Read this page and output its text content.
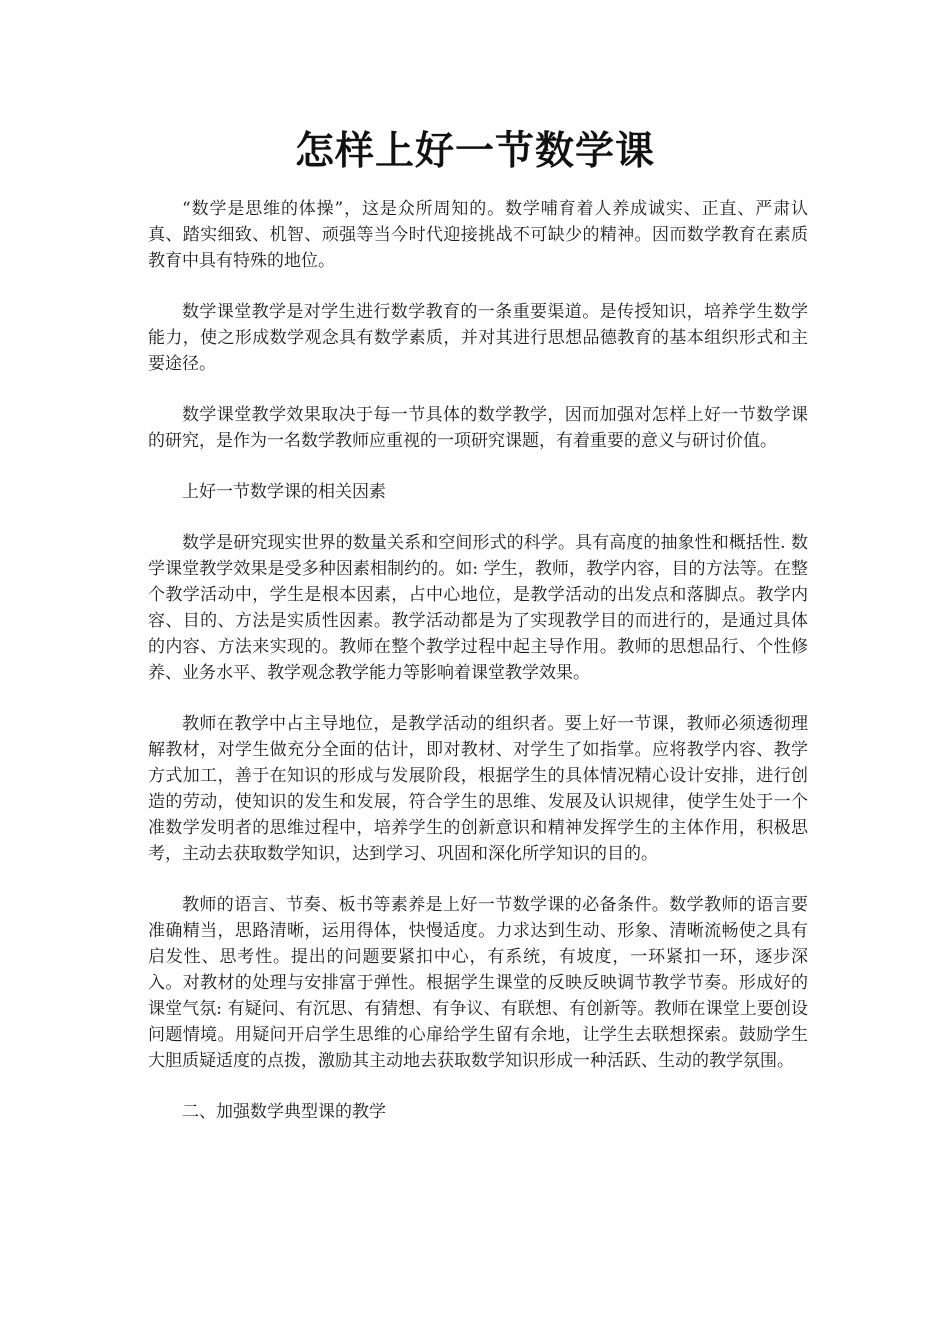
怎样上好一节数学课

“数学是思维的体操”，这是众所周知的。数学哺育着人养成诚实、正直、严肃认真、踏实细致、机智、顽强等当今时代迎接挑战不可缺少的精神。因而数学教育在素质教育中具有特殊的地位。

数学课堂教学是对学生进行数学教育的一条重要渠道。是传授知识，培养学生数学能力，使之形成数学观念具有数学素质，并对其进行思想品德教育的基本组织形式和主要途径。

数学课堂教学效果取决于每一节具体的数学教学，因而加强对怎样上好一节数学课的研究，是作为一名数学教师应重视的一项研究课题，有着重要的意义与研讨价值。

上好一节数学课的相关因素

数学是研究现实世界的数量关系和空间形式的科学。具有高度的抽象性和概括性. 数学课堂教学效果是受多种因素相制约的。如: 学生，教师，教学内容，目的方法等。在整个教学活动中，学生是根本因素，占中心地位，是教学活动的出发点和落脚点。教学内容、目的、方法是实质性因素。教学活动都是为了实现教学目的而进行的，是通过具体的内容、方法来实现的。教师在整个教学过程中起主导作用。教师的思想品行、个性修养、业务水平、教学观念教学能力等影响着课堂教学效果。

教师在教学中占主导地位，是教学活动的组织者。要上好一节课，教师必须透彻理解教材，对学生做充分全面的估计，即对教材、对学生了如指掌。应将教学内容、教学方式加工，善于在知识的形成与发展阶段，根据学生的具体情况精心设计安排，进行创造的劳动，使知识的发生和发展，符合学生的思维、发展及认识规律，使学生处于一个准数学发明者的思维过程中，培养学生的创新意识和精神发挥学生的主体作用，积极思考，主动去获取数学知识，达到学习、巩固和深化所学知识的目的。

教师的语言、节奏、板书等素养是上好一节数学课的必备条件。数学教师的语言要准确精当，思路清晰，运用得体，快慢适度。力求达到生动、形象、清晰流畅使之具有启发性、思考性。提出的问题要紧扣中心，有系统，有坡度，一环紧扣一环，逐步深入。对教材的处理与安排富于弹性。根据学生课堂的反映反映调节教学节奏。形成好的课堂气氛: 有疑问、有沉思、有猜想、有争议、有联想、有创新等。教师在课堂上要创设问题情境。用疑问开启学生思维的心扉给学生留有余地，让学生去联想探索。鼓励学生大胆质疑适度的点拨，激励其主动地去获取数学知识形成一种活跃、生动的教学氛围。

二、加强数学典型课的教学
